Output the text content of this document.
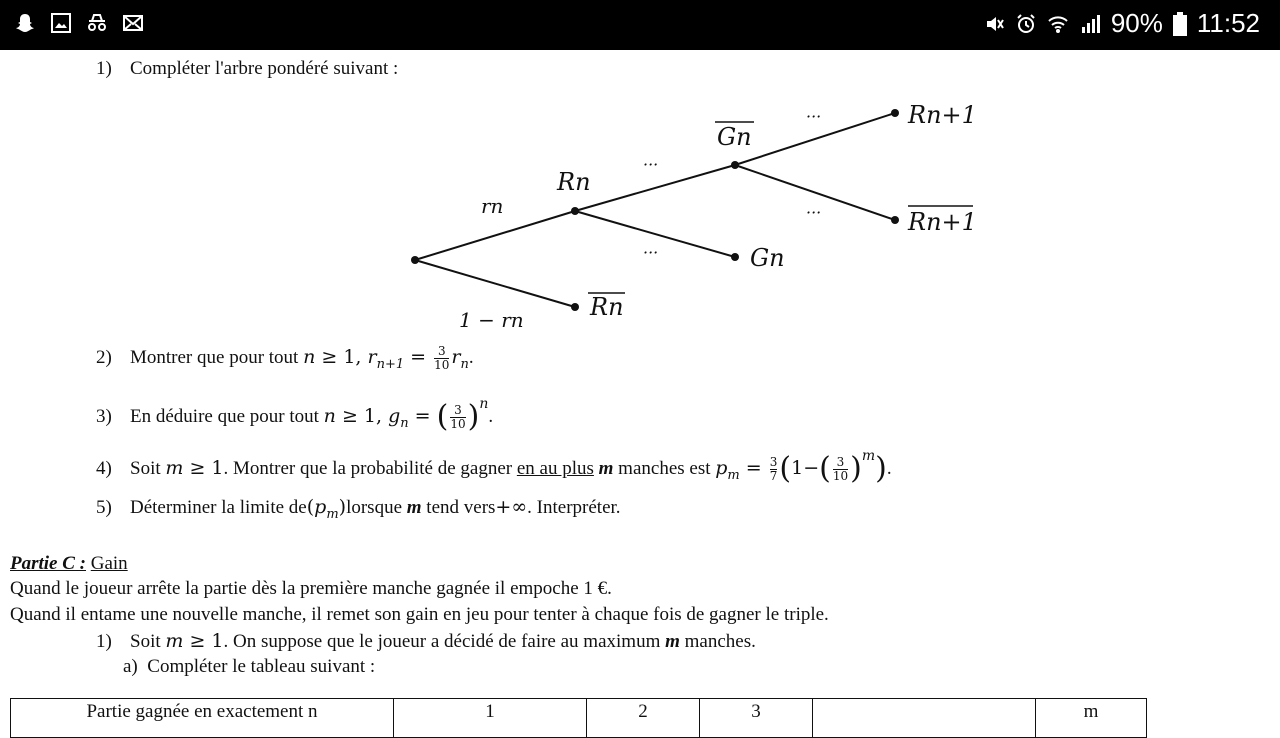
90% 11:52
1) Compléter l'arbre pondéré suivant :
rn
1 − rn
Rn
Rn
Gn
Gn
Rn+1
Rn+1
···
···
···
···
2) Montrer que pour tout n ≥ 1, $r_{n+1} = \frac{3}{10} r_n$.
3) En déduire que pour tout n ≥ 1, $g_n$ = ( $\frac{3}{10} )^n$.
4) Soit m ≥ 1. Montrer que la probabilité de gagner en au plus m manches est $p_m = \frac{3}{7} (1-( \frac{3}{10} )^m)$.
5) Déterminer la limite $de(p_m)lorsque$ m tend vers+∞. Interpréter.
Partie C : Gain
Quand le joueur arrête la partie dès la première manche gagnée il empoche 1 €.
Quand il entame une nouvelle manche, il remet son gain en jeu pour tenter à chaque fois de gagner le triple.
1) Soit m ≥ 1. On suppose que le joueur a décidé de faire au maximum m manches.
a) Compléter le tableau suivant :
Partie gagnée en exactement n	1	2	3		m
